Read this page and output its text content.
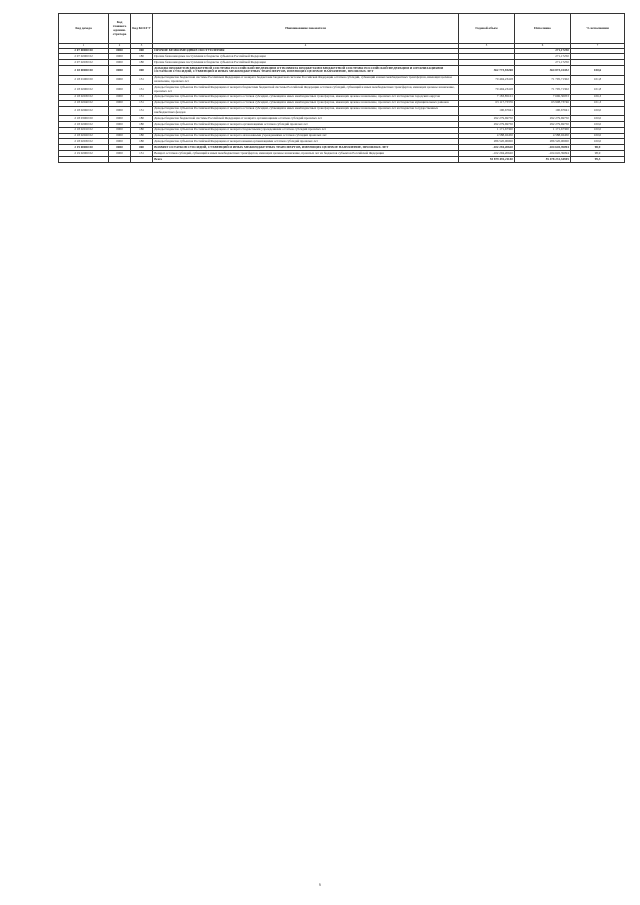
Код дохода	Код главного админи-стратора	Код КОСГУ	Наименование показателя	Годовой объем	Исполнено	% исполнения
1	2	3	4	5	6	7
2 07 00000 00	0000	000	ПРОЧИЕ БЕЗВОЗМЕЗДНЫЕ ПОСТУПЛЕНИЯ		271,17250	
2 07 02000 02	0000	180	Прочие безвозмездные поступления в бюджеты субъектов Российской Федерации		271,17250	
2 07 02030 02	0000	180	Прочие безвозмездные поступления в бюджеты субъектов Российской Федерации		271,17250	
2 18 00000 00	0000	000	ДОХОДЫ БЮДЖЕТОВ БЮДЖЕТНОЙ СИСТЕМЫ РОССИЙСКОЙ ФЕДЕРАЦИИ ОТ ВОЗВРАТА БЮДЖЕТАМИ БЮДЖЕТНОЙ СИСТЕМЫ РОССИЙСКОЙ ФЕДЕРАЦИИ И ОРГАНИЗАЦИЯМИ ОСТАТКОВ СУБСИДИЙ, СУБВЕНЦИЙ И ИНЫХ МЕЖБЮДЖЕТНЫХ ТРАНСФЕРТОВ, ИМЕЮЩИХ ЦЕЛЕВОЕ НАЗНАЧЕНИЕ, ПРОШЛЫХ ЛЕТ	362 773,93268	364 873,41452	100,6
2 18 01000 00	0000	151	Доходы бюджетов бюджетной системы Российской Федерации от возврата бюджетами бюджетной системы Российской Федерации остатков субсидий, субвенций и иных межбюджетных трансфертов, имеющих целевое назначение, прошлых лет	70 494,23418	71 795,71302	101,8
2 18 02000 02	0000	151	Доходы бюджетов субъектов Российской Федерации от возврата бюджетами бюджетной системы Российской Федерации остатков субсидий, субвенций и иных межбюджетных трансфертов, имеющих целевое назначение, прошлых лет	70 494,23418	71 795,71302	101,8
2 18 02030 02	0000	151	Доходы бюджетов субъектов Российской Федерации от возврата остатков субсидий, субвенций и иных межбюджетных трансфертов, имеющих целевое назначение, прошлых лет из бюджетов городских округов	7 183,85101	7 696,30053	106,3
2 18 02040 02	0000	151	Доходы бюджетов субъектов Российской Федерации от возврата остатков субсидий, субвенций и иных межбюджетных трансфертов, имеющих целевое назначение, прошлых лет из бюджетов муниципальных районов	63 117,73376	63 908,73746	101,3
2 18 02060 02	0000	151	Доходы бюджетов субъектов Российской Федерации от возврата остатков субсидий, субвенций и иных межбюджетных трансфертов, имеющих целевое назначение, прошлых лет из бюджетов государственных внебюджетных фондов	190,67941	190,67941	100,0
2 18 03000 00	0000	180	Доходы бюджетов бюджетной системы Российской Федерации от возврата организациями остатков субсидий прошлых лет	292 279,69750	292 279,69750	100,0
2 18 02000 02	0000	180	Доходы бюджетов субъектов Российской Федерации от возврата организациями остатков субсидий прошлых лет	292 279,69750	292 279,69750	100,0
2 18 02010 02	0000	180	Доходы бюджетов субъектов Российской Федерации от возврата бюджетными учреждениями остатков субсидий прошлых лет	1 171,67300	1 171,67300	100,0
2 18 02020 02	0000	180	Доходы бюджетов субъектов Российской Федерации от возврата автономными учреждениями остатков субсидий прошлых лет	4 588,02450	4 588,02450	100,0
2 18 02030 02	0000	180	Доходы бюджетов субъектов Российской Федерации от возврата иными организациями остатков субсидий прошлых лет	286 520,00000	286 520,00000	100,0
2 19 00000 00	0000	000	ВОЗВРАТ ОСТАТКОВ СУБСИДИЙ, СУБВЕНЦИЙ И ИНЫХ МЕЖБЮДЖЕТНЫХ ТРАНСФЕРТОВ, ИМЕЮЩИХ ЦЕЛЕВОЕ НАЗНАЧЕНИЕ, ПРОШЛЫХ ЛЕТ	-102 294,20620	-104 645,39094	98,9
2 19 02000 02	0000	151	Возврат остатков субсидий, субвенций и иных межбюджетных трансфертов, имеющих целевое назначение, прошлых лет из бюджетов субъектов Российской Федерации	-102 294,20620	-104 645,39094	98,9
			Всего	55 879 491,21140	55 478 231,34945	99,3
6
